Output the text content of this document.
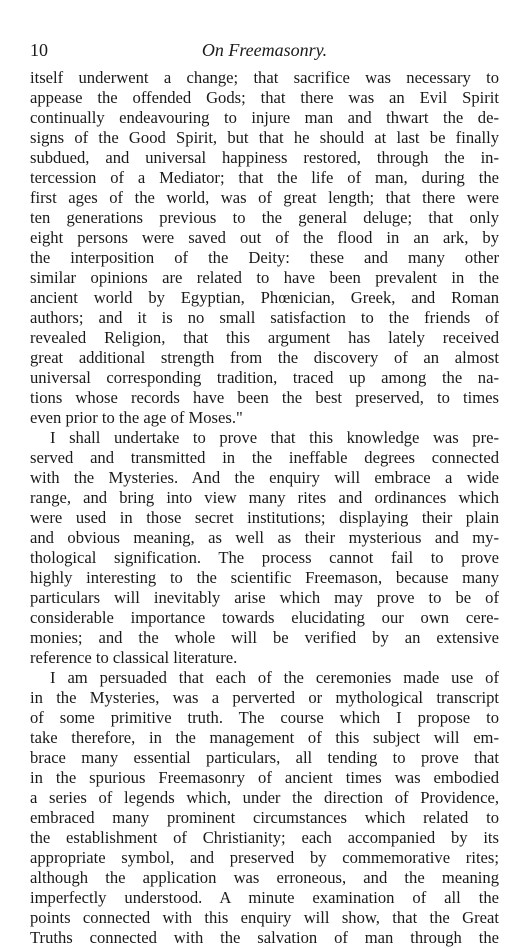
10	On Freemasonry.
itself underwent a change; that sacrifice was necessary to
appease the offended Gods; that there was an Evil Spirit
continually endeavouring to injure man and thwart the de-
signs of the Good Spirit, but that he should at last be finally
subdued, and universal happiness restored, through the in-
tercession of a Mediator; that the life of man, during the
first ages of the world, was of great length; that there were
ten generations previous to the general deluge; that only
eight persons were saved out of the flood in an ark, by
the interposition of the Deity: these and many other
similar opinions are related to have been prevalent in the
ancient world by Egyptian, Phœnician, Greek, and Roman
authors; and it is no small satisfaction to the friends of
revealed Religion, that this argument has lately received
great additional strength from the discovery of an almost
universal corresponding tradition, traced up among the na-
tions whose records have been the best preserved, to times
even prior to the age of Moses."
I shall undertake to prove that this knowledge was pre-
served and transmitted in the ineffable degrees connected
with the Mysteries. And the enquiry will embrace a wide
range, and bring into view many rites and ordinances which
were used in those secret institutions; displaying their plain
and obvious meaning, as well as their mysterious and my-
thological signification. The process cannot fail to prove
highly interesting to the scientific Freemason, because many
particulars will inevitably arise which may prove to be of
considerable importance towards elucidating our own cere-
monies; and the whole will be verified by an extensive
reference to classical literature.
I am persuaded that each of the ceremonies made use of
in the Mysteries, was a perverted or mythological transcript
of some primitive truth. The course which I propose to
take therefore, in the management of this subject will em-
brace many essential particulars, all tending to prove that
in the spurious Freemasonry of ancient times was embodied
a series of legends which, under the direction of Providence,
embraced many prominent circumstances which related to
the establishment of Christianity; each accompanied by its
appropriate symbol, and preserved by commemorative rites;
although the application was erroneous, and the meaning
imperfectly understood. A minute examination of all the
points connected with this enquiry will show, that the Great
Truths connected with the salvation of man through the
